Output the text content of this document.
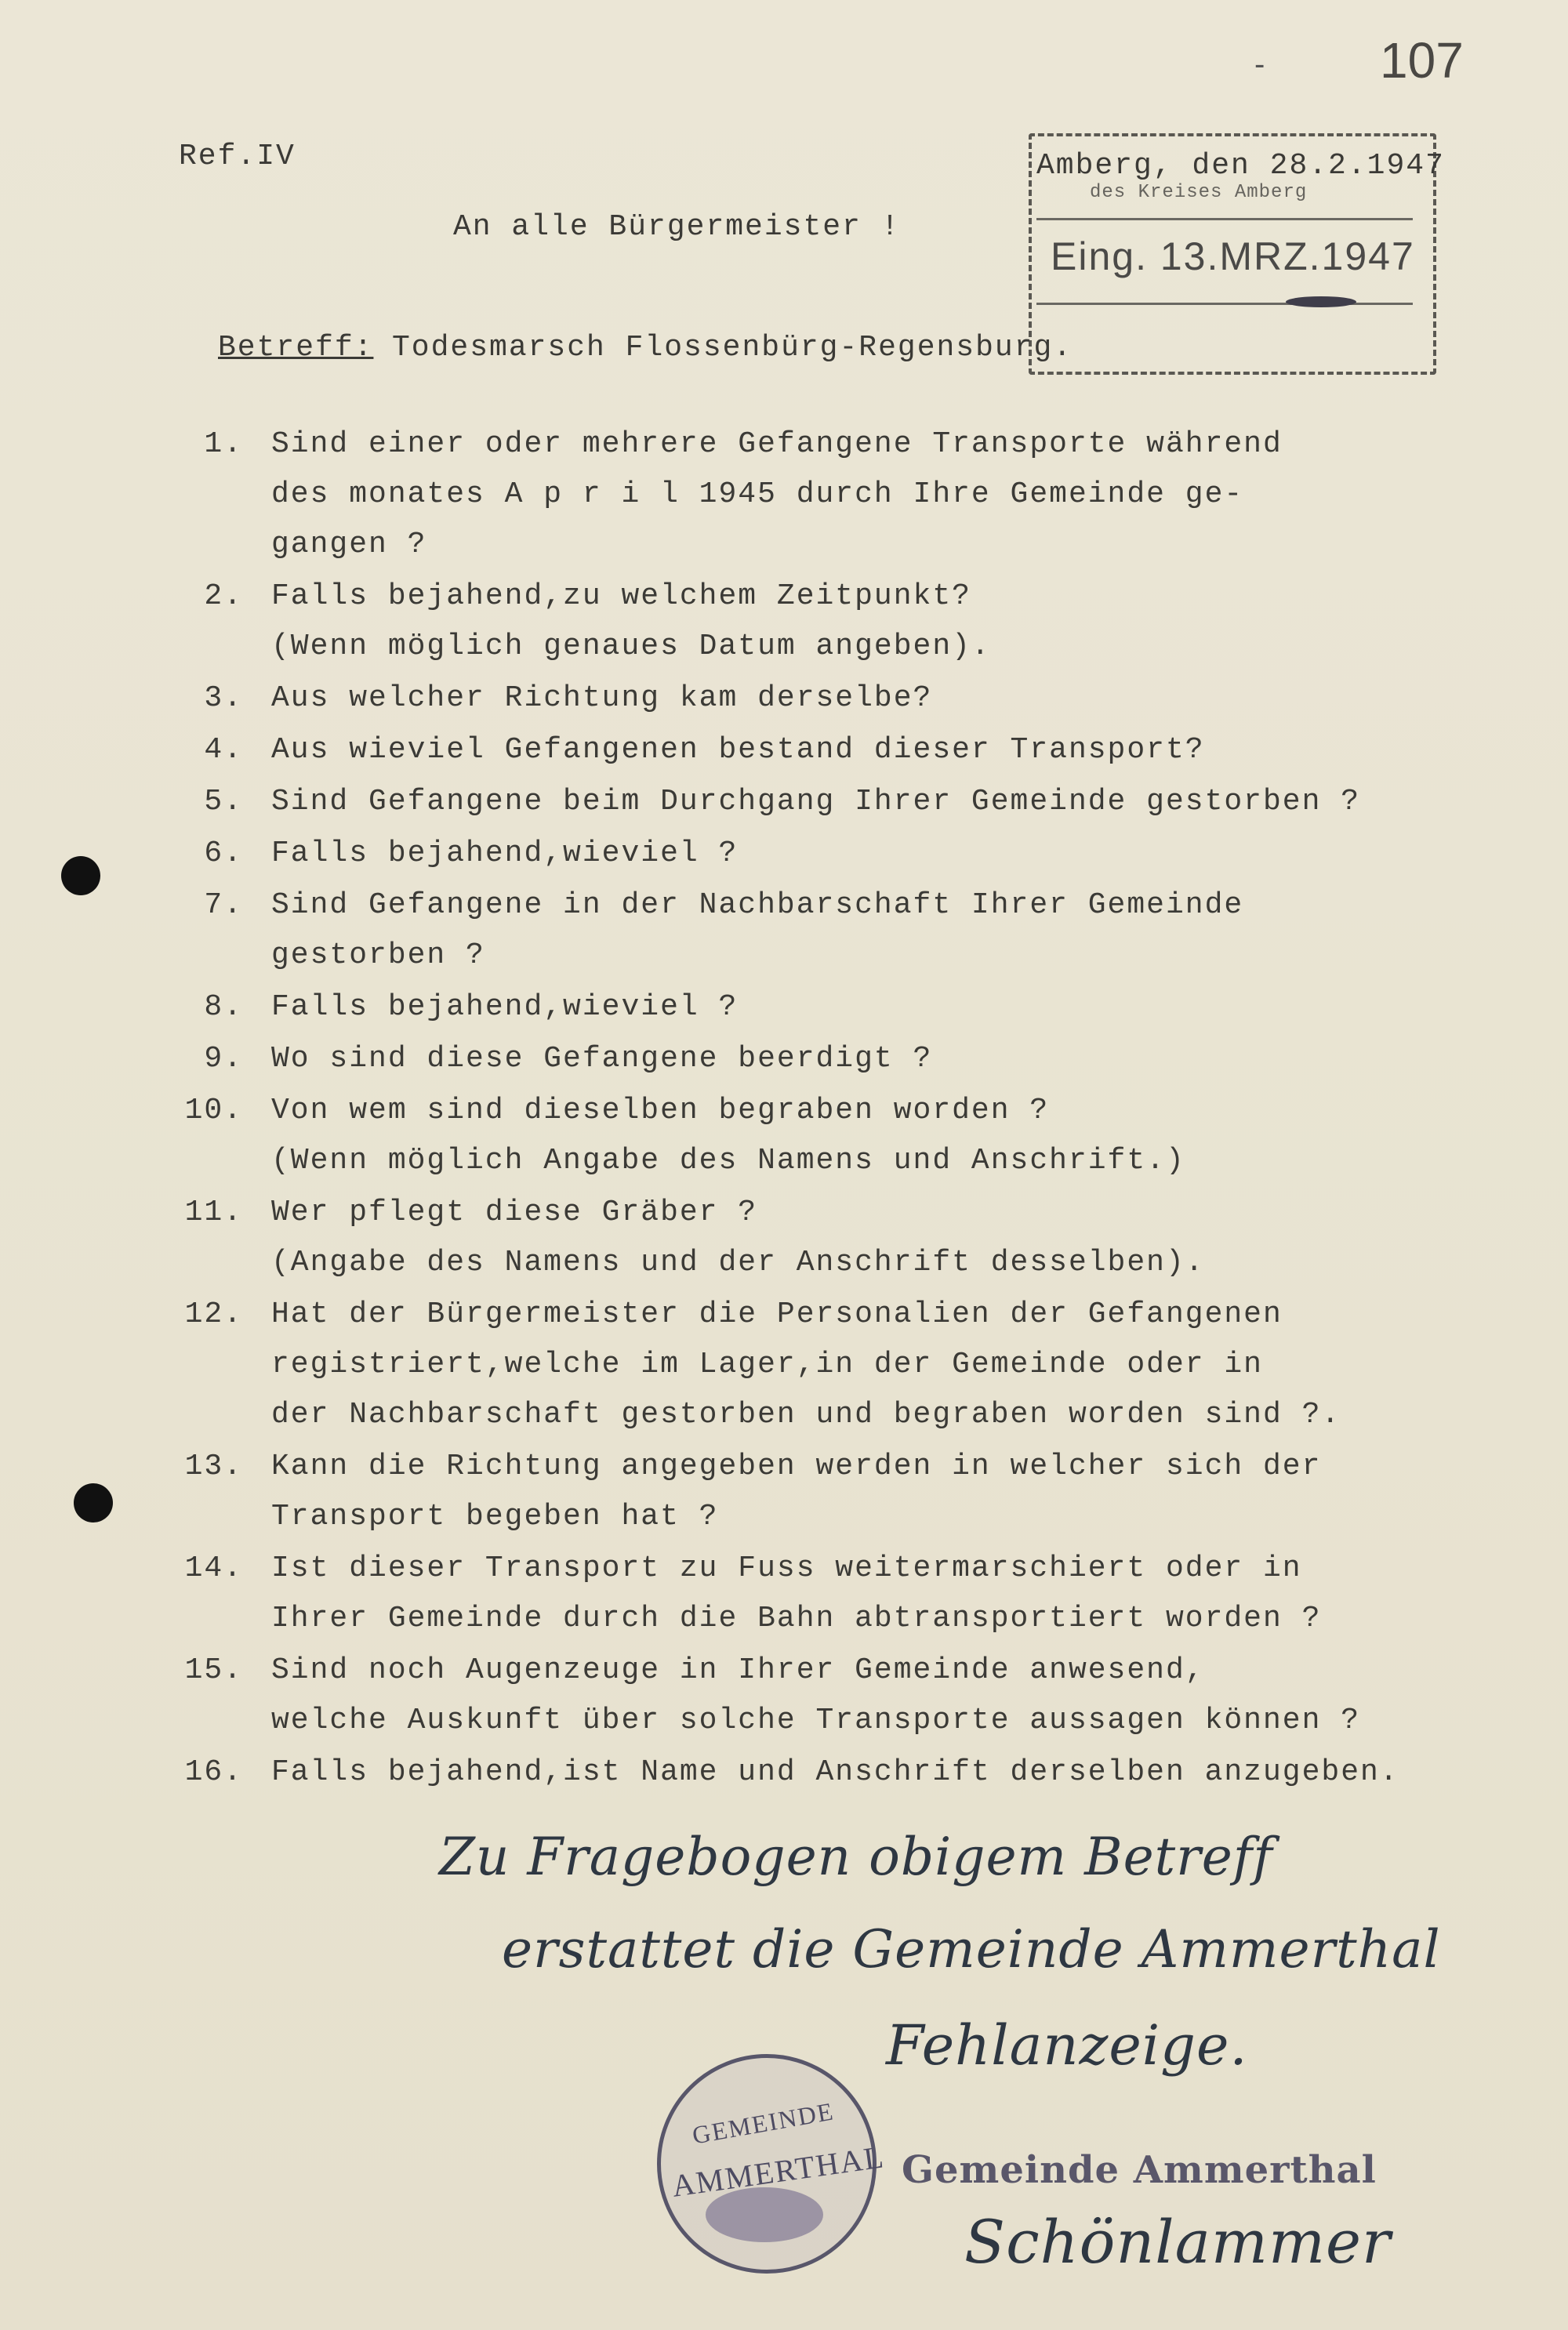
- 107
Ref.IV
An alle Bürgermeister !
Amberg, den 28.2.1947
des Kreises Amberg
Eing. 13.MRZ.1947
Betreff: Todesmarsch Flossenbürg-Regensburg.
1. Sind einer oder mehrere Gefangene Transporte während
des monates A p r i l 1945 durch Ihre Gemeinde ge-
gangen ?
2. Falls bejahend,zu welchem Zeitpunkt?
(Wenn möglich genaues Datum angeben).
3. Aus welcher Richtung kam derselbe?
4. Aus wieviel Gefangenen bestand dieser Transport?
5. Sind Gefangene beim Durchgang Ihrer Gemeinde gestorben ?
6. Falls bejahend,wieviel ?
7. Sind Gefangene in der Nachbarschaft Ihrer Gemeinde
gestorben ?
8. Falls bejahend,wieviel ?
9. Wo sind diese Gefangene beerdigt ?
10. Von wem sind dieselben begraben worden ?
(Wenn möglich Angabe des Namens und Anschrift.)
11. Wer pflegt diese Gräber ?
(Angabe des Namens und der Anschrift desselben).
12. Hat der Bürgermeister die Personalien der Gefangenen
registriert,welche im Lager,in der Gemeinde oder in
der Nachbarschaft gestorben und begraben worden sind ?.
13. Kann die Richtung angegeben werden in welcher sich der
Transport begeben hat ?
14. Ist dieser Transport zu Fuss weitermarschiert oder in
Ihrer Gemeinde durch die Bahn abtransportiert worden ?
15. Sind noch Augenzeuge in Ihrer Gemeinde anwesend,
welche Auskunft über solche Transporte aussagen können ?
16. Falls bejahend,ist Name und Anschrift derselben anzugeben.
Zu Fragebogen obigem Betreff
erstattet die Gemeinde Ammerthal
Fehlanzeige.
GEMEINDE
AMMERTHAL Gemeinde Ammerthal
Schönlammer
